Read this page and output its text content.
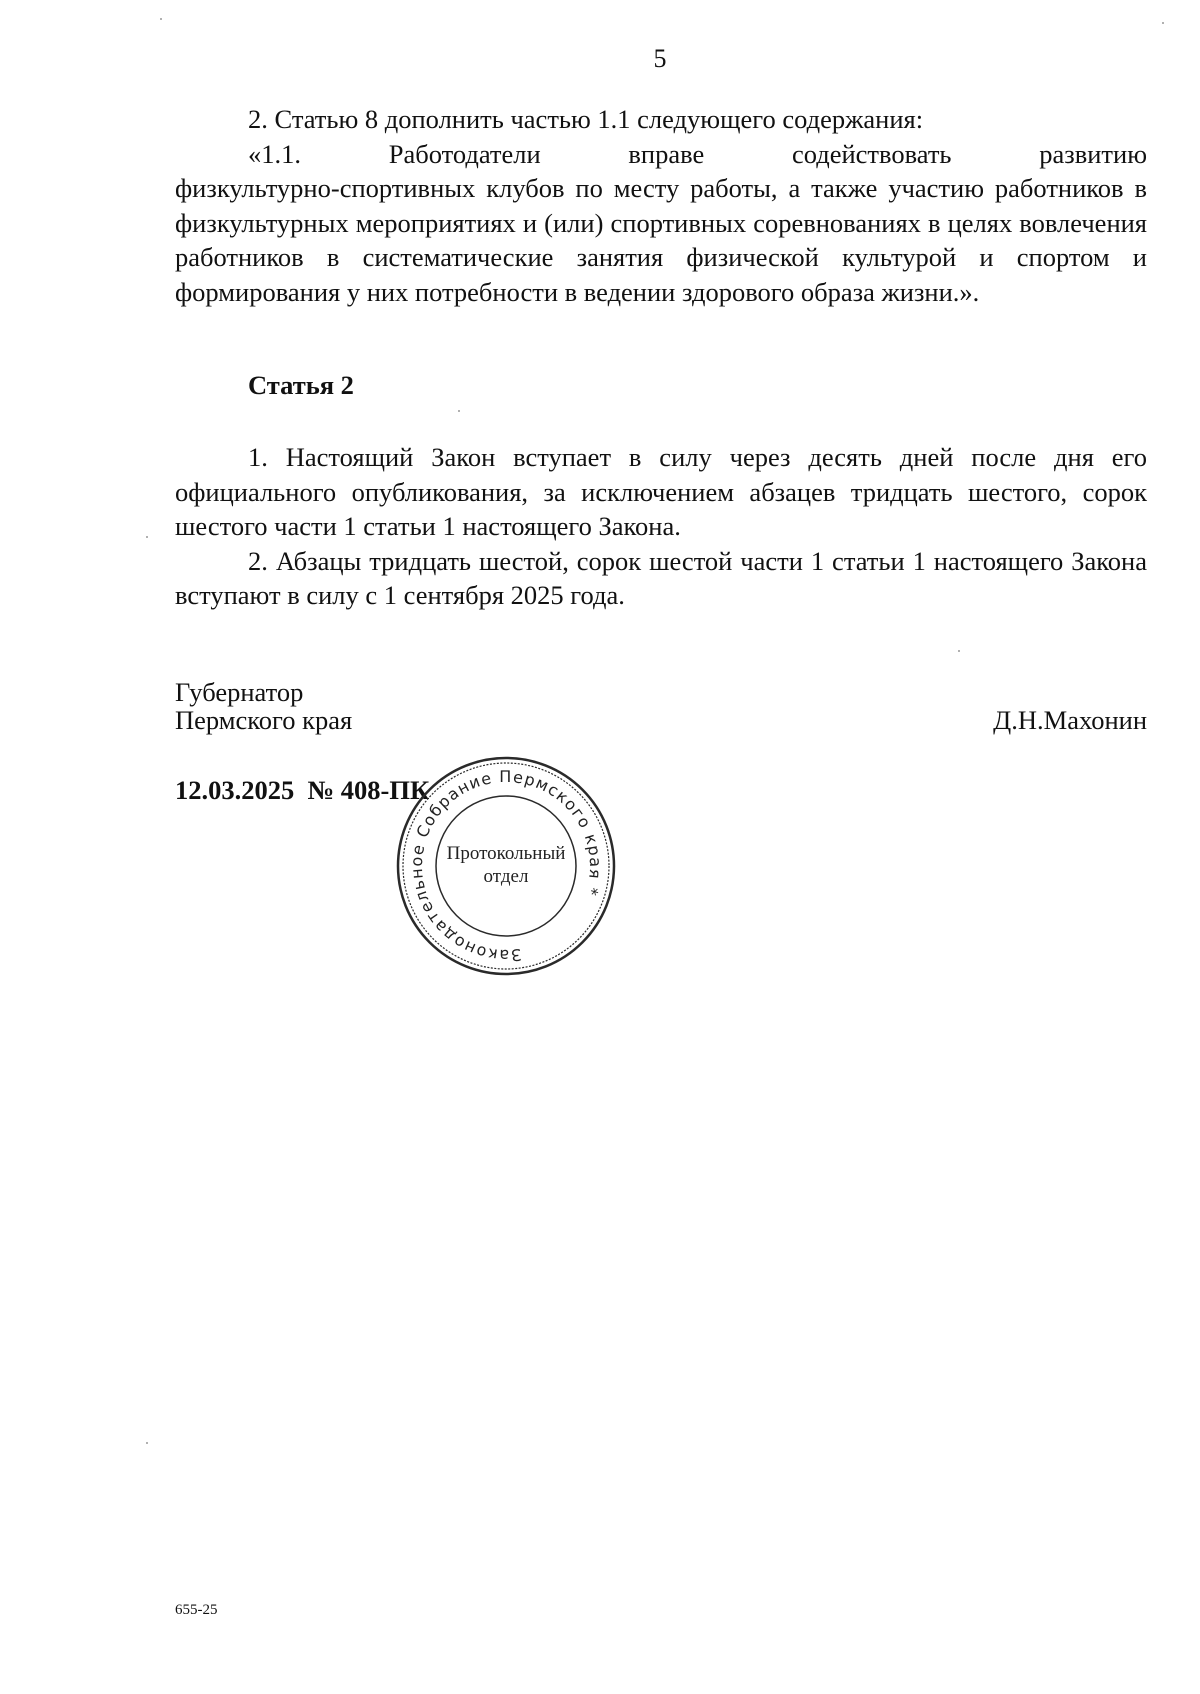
5

2. Статью 8 дополнить частью 1.1 следующего содержания:

«1.1. Работодатели вправе содействовать развитию

физкультурно-спортивных клубов по месту работы, а также участию работников в физкультурных мероприятиях и (или) спортивных соревнованиях в целях вовлечения работников в систематические занятия физической культурой и спортом и формирования у них потребности в ведении здорового образа жизни.».

Статья 2

1. Настоящий Закон вступает в силу через десять дней после дня его официального опубликования, за исключением абзацев тридцать шестого, сорок шестого части 1 статьи 1 настоящего Закона.

2. Абзацы тридцать шестой, сорок шестой части 1 статьи 1 настоящего Закона вступают в силу с 1 сентября 2025 года.

Губернатор
Пермского края	Д.Н.Махонин
12.03.2025 № 408-ПК
Законодательное Собрание Пермского края *
Протокольный
отдел
655-25
